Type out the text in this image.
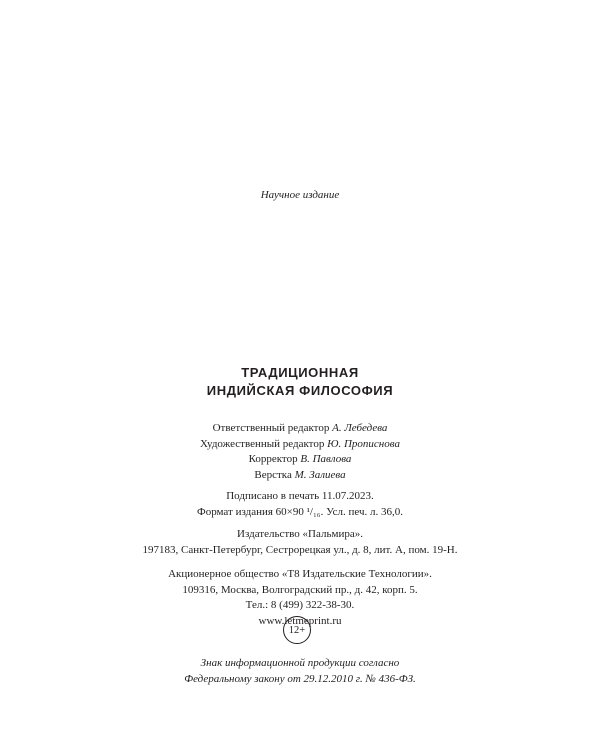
Научное издание
ТРАДИЦИОННАЯ
ИНДИЙСКАЯ ФИЛОСОФИЯ
Ответственный редактор А. Лебедева
Художественный редактор Ю. Прописнова
Корректор В. Павлова
Верстка М. Залиева
Подписано в печать 11.07.2023.
Формат издания 60×90 ¹/₁₆. Усл. печ. л. 36,0.
Издательство «Пальмира».
197183, Санкт-Петербург, Сестрорецкая ул., д. 8, лит. А, пом. 19-Н.
Акционерное общество «Т8 Издательские Технологии».
109316, Москва, Волгоградский пр., д. 42, корп. 5.
Тел.: 8 (499) 322-38-30.
www.letmeprint.ru
12+
Знак информационной продукции согласно
Федеральному закону от 29.12.2010 г. № 436-ФЗ.
